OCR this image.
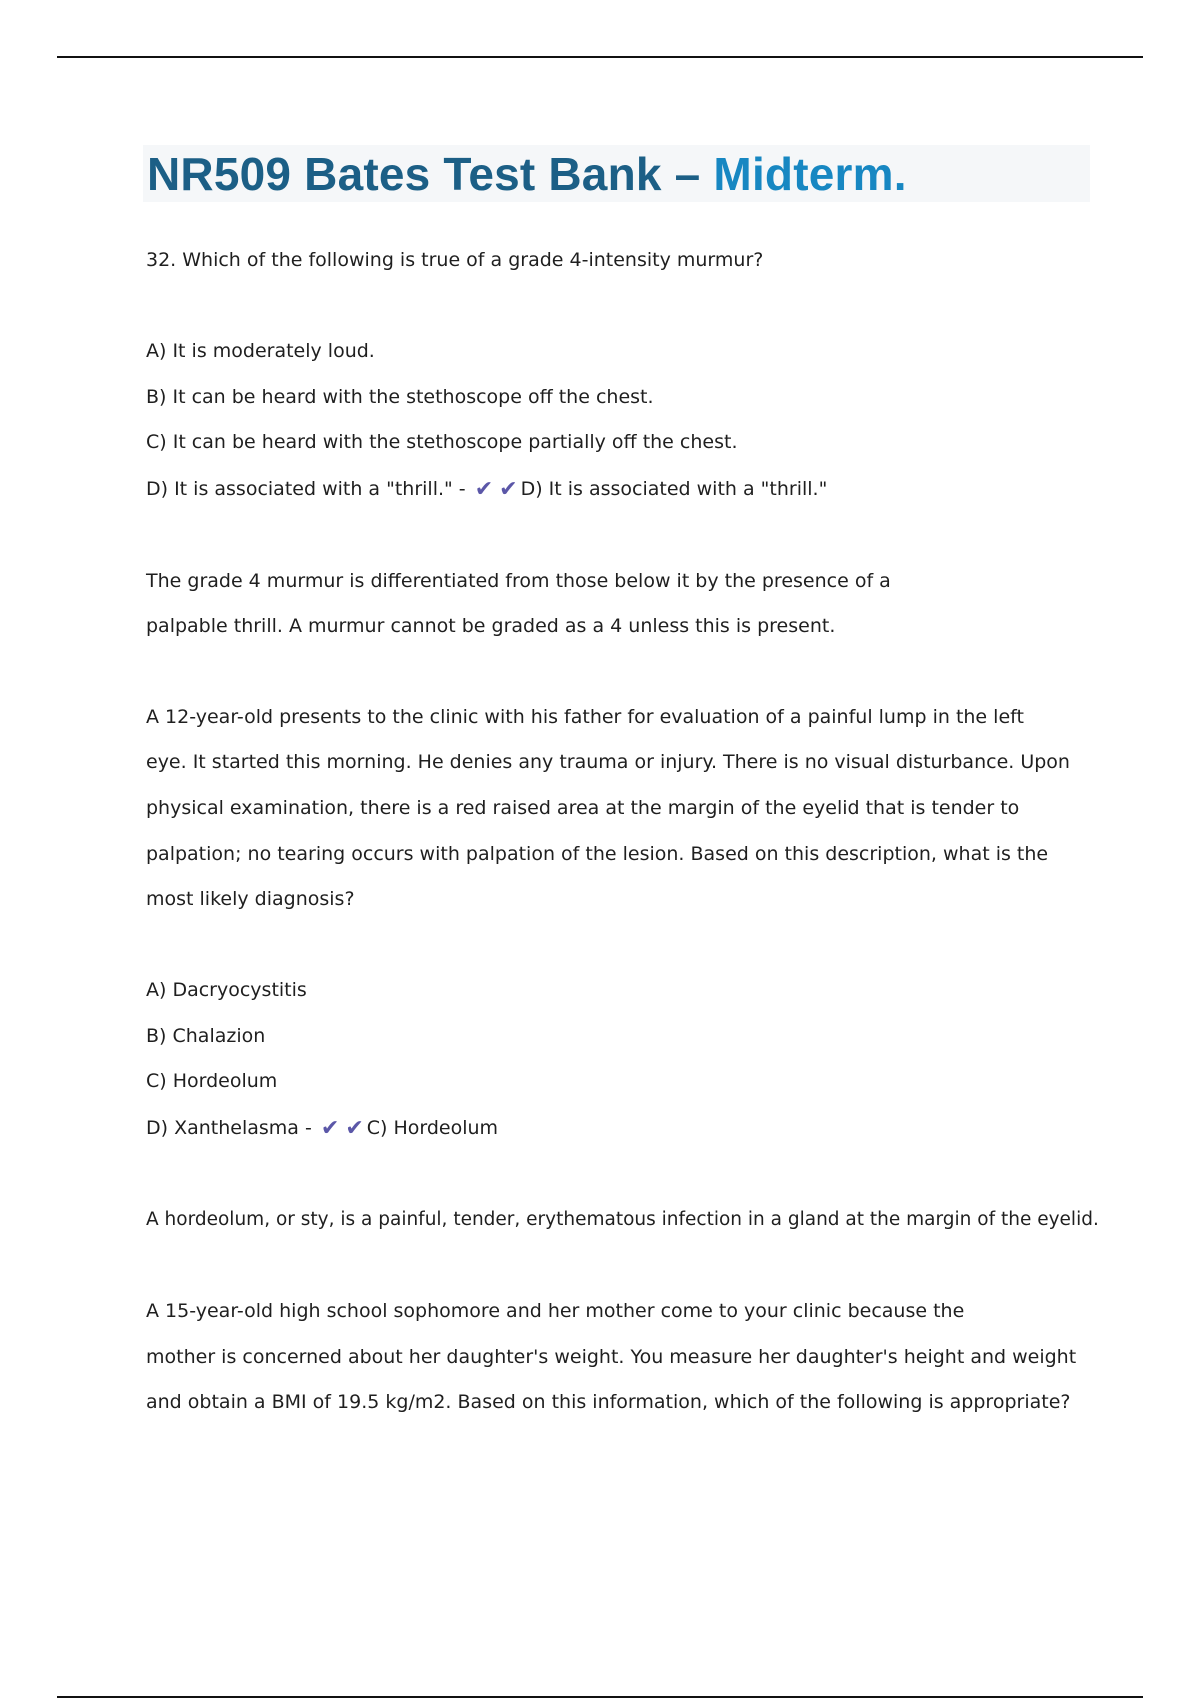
NR509 Bates Test Bank – Midterm.
32. Which of the following is true of a grade 4-intensity murmur?
A) It is moderately loud.
B) It can be heard with the stethoscope off the chest.
C) It can be heard with the stethoscope partially off the chest.
D) It is associated with a "thrill." - ✔ ✔ D) It is associated with a "thrill."
The grade 4 murmur is differentiated from those below it by the presence of a
palpable thrill. A murmur cannot be graded as a 4 unless this is present.
A 12-year-old presents to the clinic with his father for evaluation of a painful lump in the left
eye. It started this morning. He denies any trauma or injury. There is no visual disturbance. Upon
physical examination, there is a red raised area at the margin of the eyelid that is tender to
palpation; no tearing occurs with palpation of the lesion. Based on this description, what is the
most likely diagnosis?
A) Dacryocystitis
B) Chalazion
C) Hordeolum
D) Xanthelasma - ✔ ✔ C) Hordeolum
A hordeolum, or sty, is a painful, tender, erythematous infection in a gland at the margin of the eyelid.
A 15-year-old high school sophomore and her mother come to your clinic because the
mother is concerned about her daughter's weight. You measure her daughter's height and weight
and obtain a BMI of 19.5 kg/m2. Based on this information, which of the following is appropriate?
